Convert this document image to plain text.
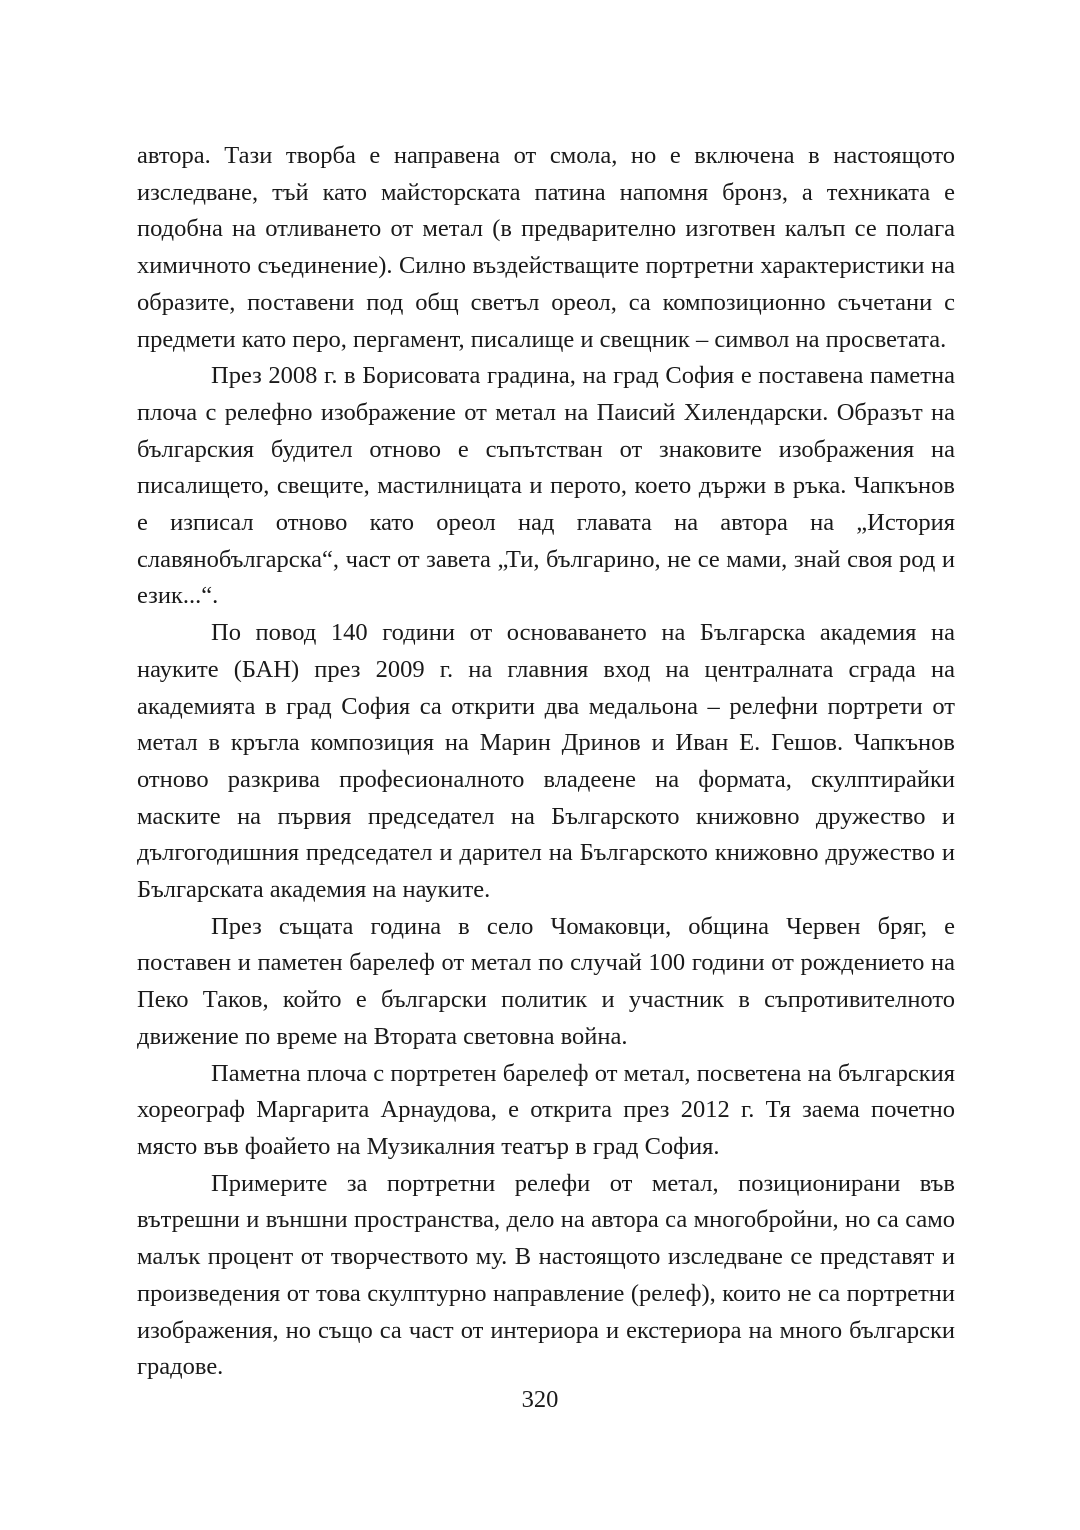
автора. Тази творба е направена от смола, но е включена в настоящото изследване, тъй като майсторската патина напомня бронз, а техниката е подобна на отливането от метал (в предварително изготвен калъп се полага химичното съединение). Силно въздействащите портретни характеристики на образите, поставени под общ светъл ореол, са композиционно съчетани с предмети като перо, пергамент, писалище и свещник – символ на просветата.

През 2008 г. в Борисовата градина, на град София е поставена паметна плоча с релефно изображение от метал на Паисий Хилендарски. Образът на българския будител отново е съпътстван от знаковите изображения на писалището, свещите, мастилницата и перото, което държи в ръка. Чапкънов е изписал отново като ореол над главата на автора на „История славянобългарска“, част от завета „Ти, българино, не се мами, знай своя род и език...“.

По повод 140 години от основаването на Българска академия на науките (БАН) през 2009 г. на главния вход на централната сграда на академията в град София са открити два медальона – релефни портрети от метал в кръгла композиция на Марин Дринов и Иван Е. Гешов. Чапкънов отново разкрива професионалното владеене на формата, скулптирайки маските на първия председател на Българското книжовно дружество и дългогодишния председател и дарител на Българското книжовно дружество и Българската академия на науките.

През същата година в село Чомаковци, община Червен бряг, е поставен и паметен барелеф от метал по случай 100 години от рождението на Пеко Таков, който е български политик и участник в съпротивителното движение по време на Втората световна война.

Паметна плоча с портретен барелеф от метал, посветена на българския хореограф Маргарита Арнаудова, е открита през 2012 г. Тя заема почетно място във фоайето на Музикалния театър в град София.

Примерите за портретни релефи от метал, позиционирани във вътрешни и външни пространства, дело на автора са многобройни, но са само малък процент от творчеството му. В настоящото изследване се представят и произведения от това скулптурно направление (релеф), които не са портретни изображения, но също са част от интериора и екстериора на много български градове.

320
